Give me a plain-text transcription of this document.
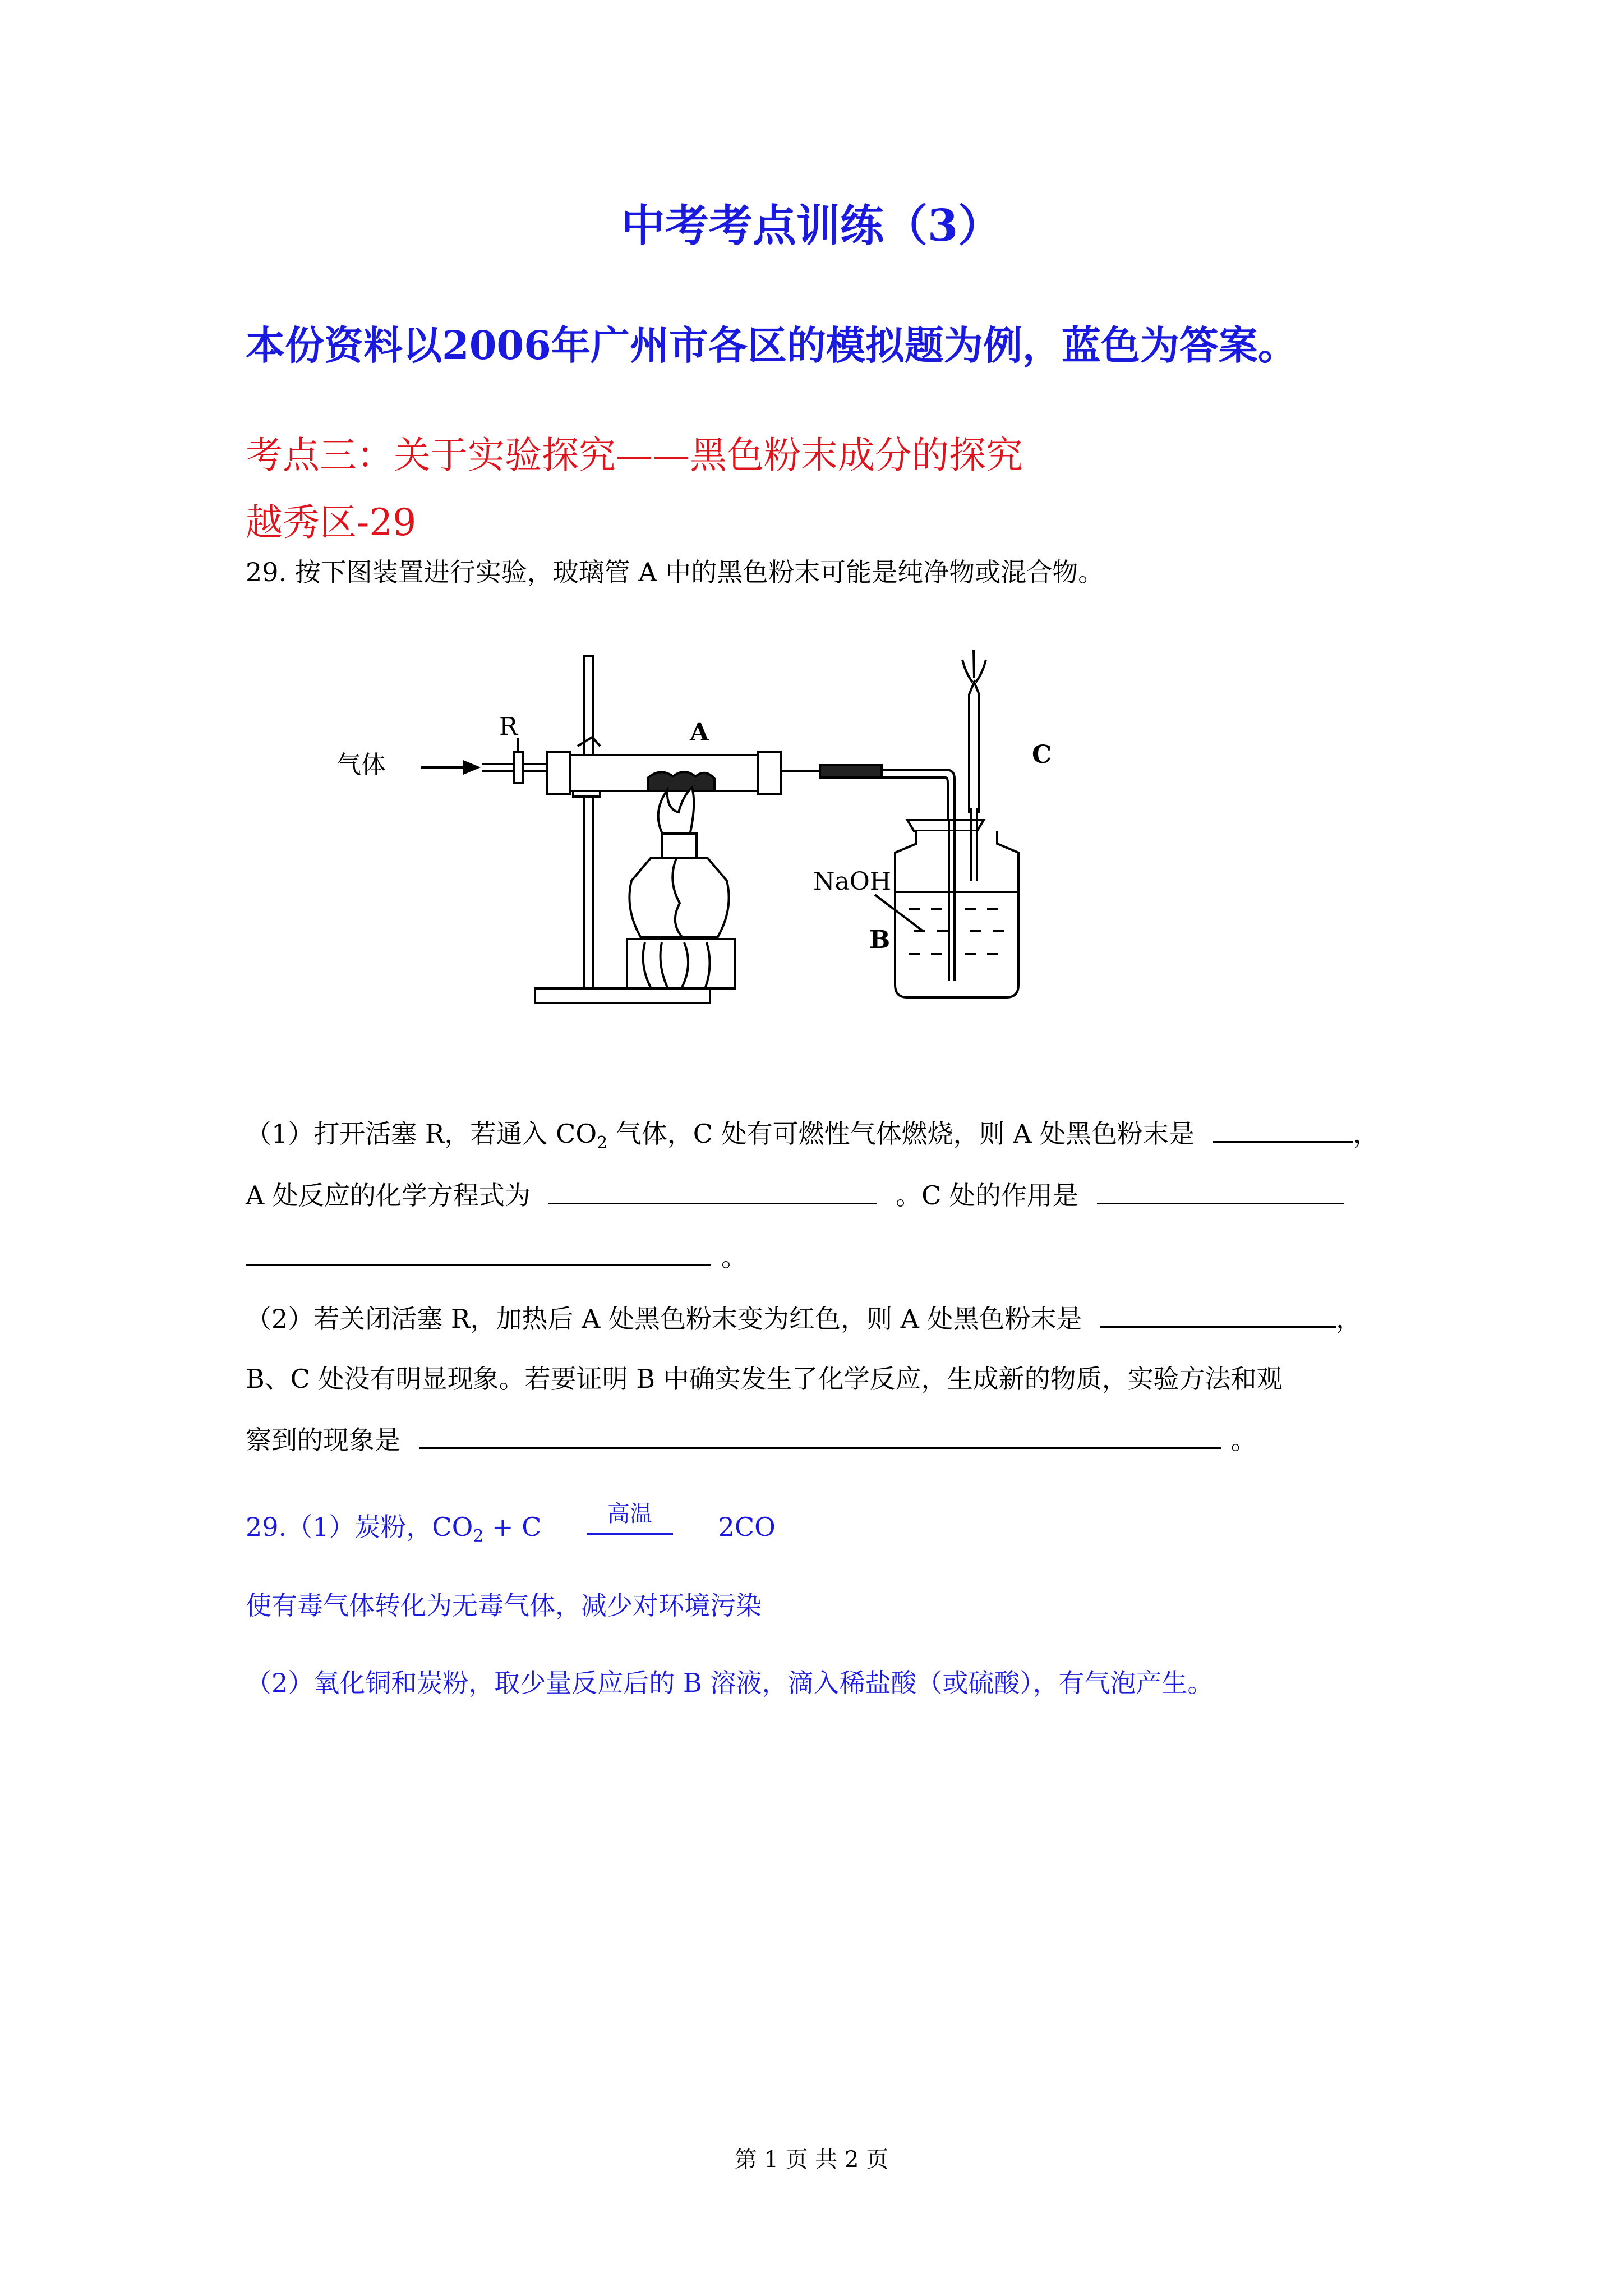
中考考点训练（3）
本份资料以2006年广州市各区的模拟题为例，蓝色为答案。
考点三：关于实验探究——黑色粉末成分的探究
越秀区-29
29. 按下图装置进行实验，玻璃管 A 中的黑色粉末可能是纯净物或混合物。
气体
R	A
C
NaOH
B
（1）打开活塞 R，若通入 $CO_2$ 气体，C 处有可燃性气体燃烧，则 A 处黑色粉末是	，
A 处反应的化学方程式为	。C 处的作用是
。
（2）若关闭活塞 R，加热后 A 处黑色粉末变为红色，则 A 处黑色粉末是	，
B、C 处没有明显现象。若要证明 B 中确实发生了化学反应，生成新的物质，实验方法和观
察到的现象是	。
29.（1）炭粉，$CO_2 + C$	高温	2CO
使有毒气体转化为无毒气体，减少对环境污染
（2）氧化铜和炭粉，取少量反应后的 B 溶液，滴入稀盐酸（或硫酸），有气泡产生。
第 1 页 共 2 页
